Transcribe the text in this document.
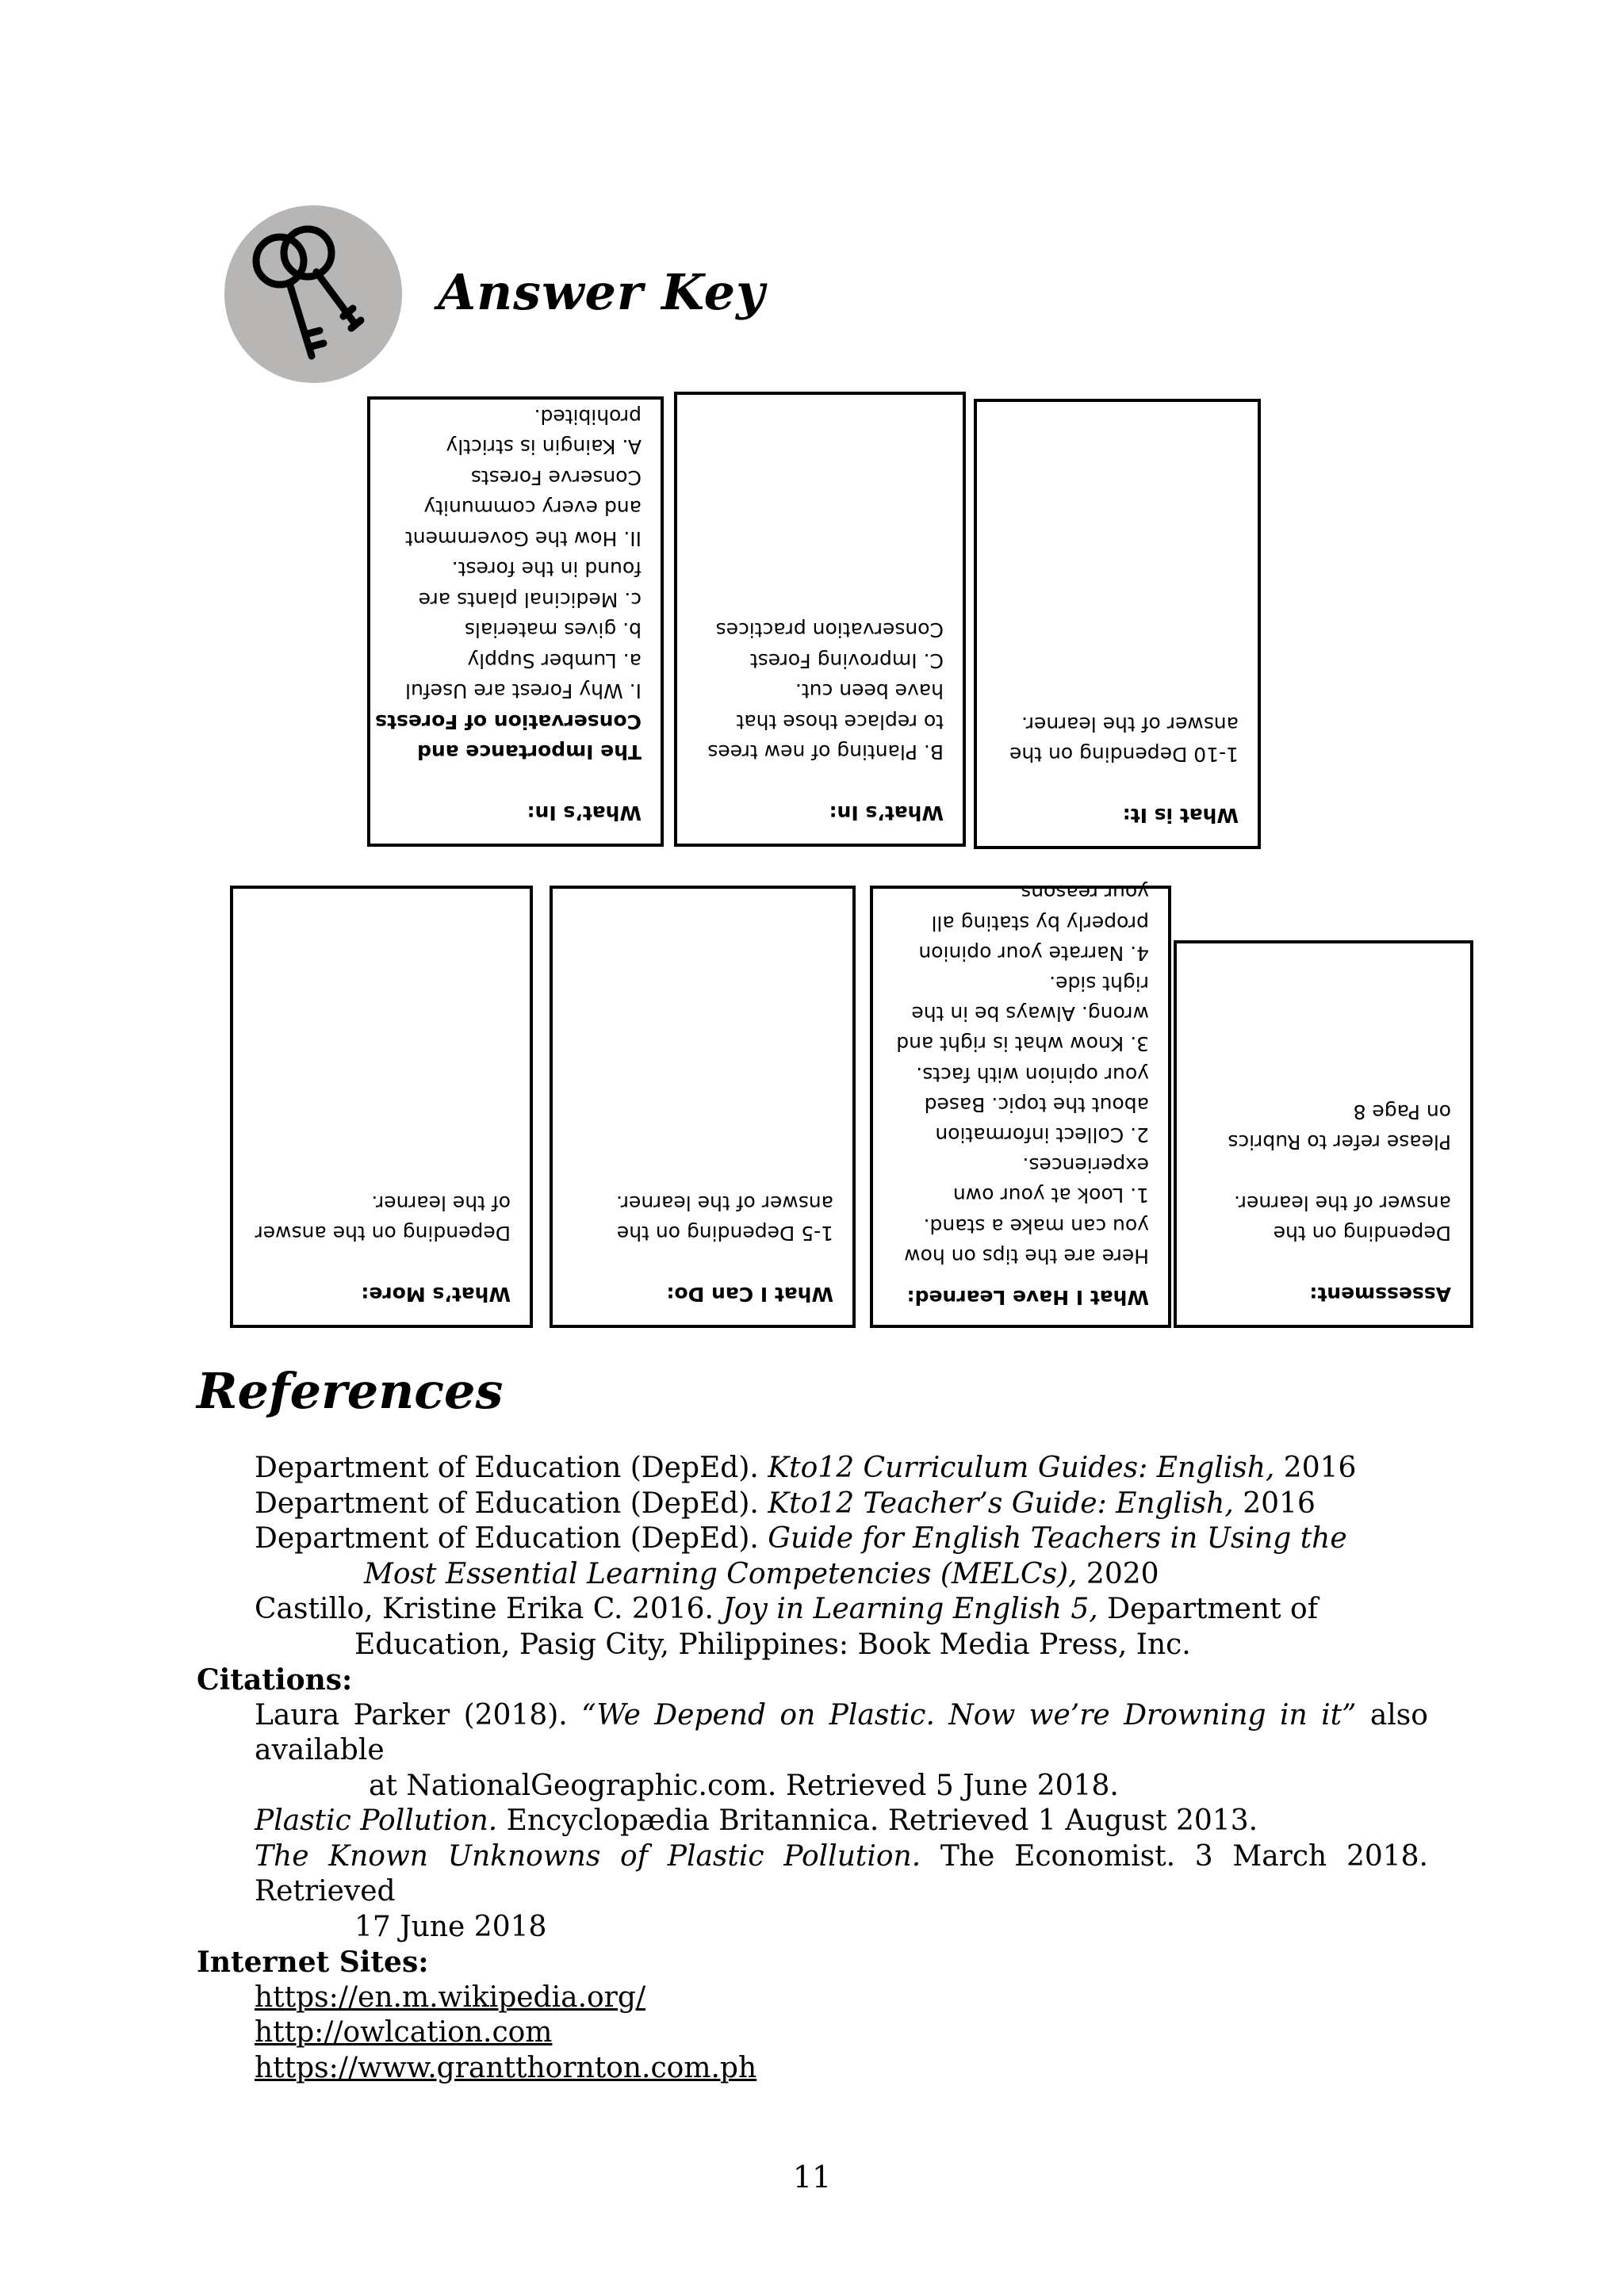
Answer Key
What’s In:
The Importance and
Conservation of Forests
I. Why Forest are Useful
a. Lumber Supply
b. gives materials
c. Medicinal plants are
found in the forest.
II. How the Government
and every community
Conserve Forests
A. Kaingin is strictly
prohibited.
What’s In:
B. Planting of new trees
to replace those that
have been cut.
C. Improving Forest
Conservation practices
What is It:
1-10 Depending on the
answer of the learner.
What’s More:
Depending on the answer
of the learner.
What I Can Do:
1-5 Depending on the
answer of the learner.
What I Have Learned:
Here are the tips on how
you can make a stand.
1. Look at your own
experiences.
2. Collect information
about the topic. Based
your opinion with facts.
3. Know what is right and
wrong. Always be in the
right side.
4. Narrate your opinion
properly by stating all
your reasons.
Assessment:
Depending on the
answer of the learner.
Please refer to Rubrics
on Page 8
References
Department of Education (DepEd). Kto12 Curriculum Guides: English, 2016
Department of Education (DepEd). Kto12 Teacher’s Guide: English, 2016
Department of Education (DepEd). Guide for English Teachers in Using the
Most Essential Learning Competencies (MELCs), 2020
Castillo, Kristine Erika C. 2016. Joy in Learning English 5, Department of
Education, Pasig City, Philippines: Book Media Press, Inc.
Citations:
Laura Parker (2018). “We Depend on Plastic. Now we’re Drowning in it” also
available
at NationalGeographic.com. Retrieved 5 June 2018.
Plastic Pollution. Encyclopædia Britannica. Retrieved 1 August 2013.
The Known Unknowns of Plastic Pollution. The Economist. 3 March 2018.
Retrieved
17 June 2018
Internet Sites:
https://en.m.wikipedia.org/
http://owlcation.com
https://www.grantthornton.com.ph
11
